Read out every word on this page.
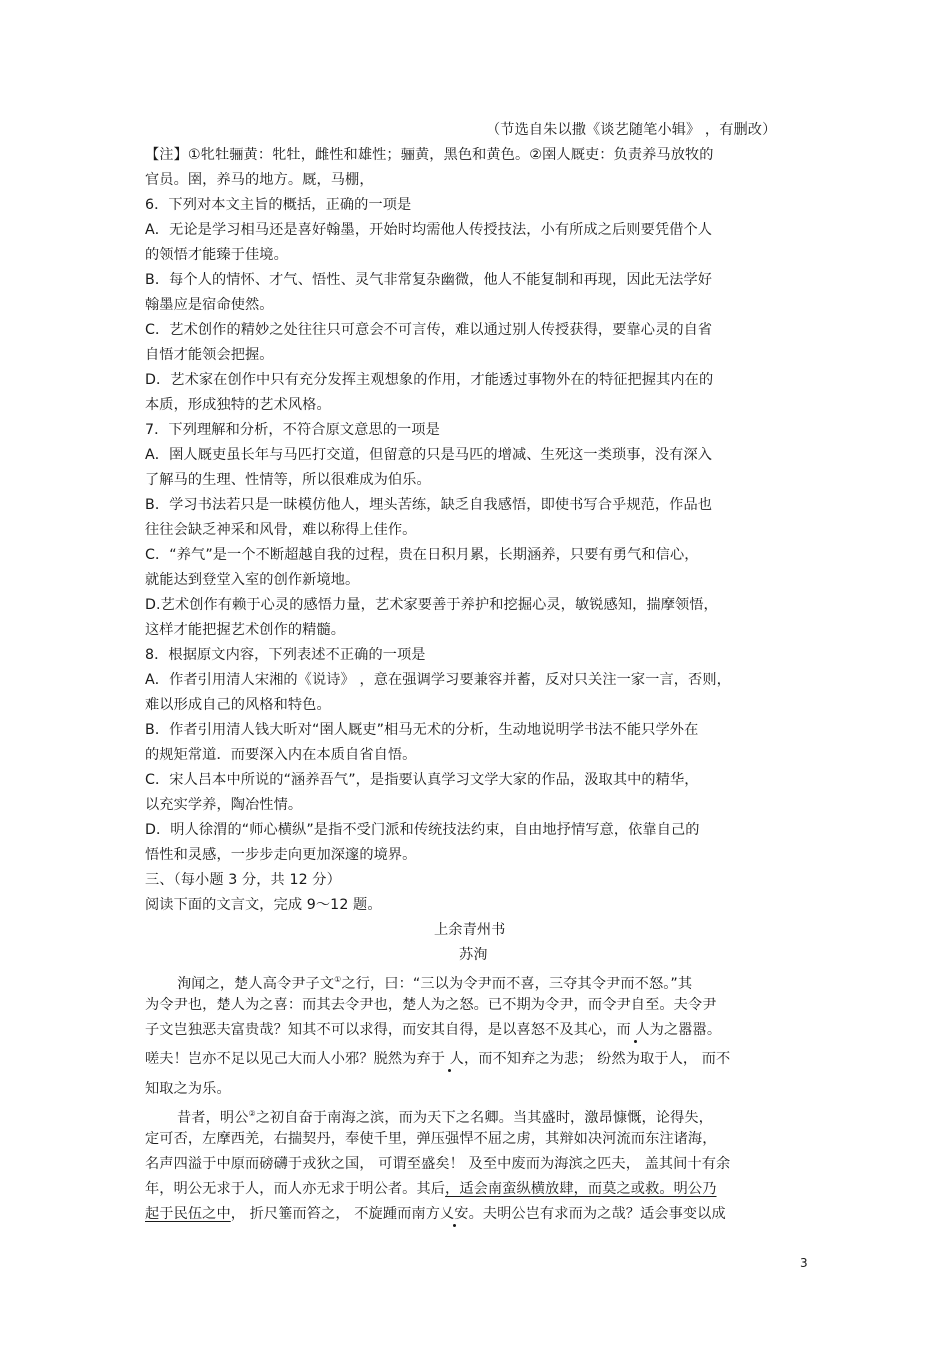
（节选自朱以撒《谈艺随笔小辑》 ，有删改）
【注】①牝牡骊黄：牝牡，雌性和雄性；骊黄，黑色和黄色。②圉人厩吏：负责养马放牧的
官员。圉，养马的地方。厩，马棚，
6．下列对本文主旨的概括，正确的一项是
A．无论是学习相马还是喜好翰墨，开始时均需他人传授技法，小有所成之后则要凭借个人
的领悟才能臻于佳境。
B．每个人的情怀、才气、悟性、灵气非常复杂幽微，他人不能复制和再现，因此无法学好
翰墨应是宿命使然。
C．艺术创作的精妙之处往往只可意会不可言传，难以通过别人传授获得，要靠心灵的自省
自悟才能领会把握。
D．艺术家在创作中只有充分发挥主观想象的作用，才能透过事物外在的特征把握其内在的
本质，形成独特的艺术风格。
7．下列理解和分析，不符合原文意思的一项是
A．圉人厩吏虽长年与马匹打交道，但留意的只是马匹的增减、生死这一类琐事，没有深入
了解马的生理、性情等，所以很难成为伯乐。
B．学习书法若只是一昧模仿他人，埋头苦练，缺乏自我感悟，即使书写合乎规范，作品也
往往会缺乏神采和风骨，难以称得上佳作。
C．“养气”是一个不断超越自我的过程，贵在日积月累，长期涵养，只要有勇气和信心，
就能达到登堂入室的创作新境地。
D.艺术创作有赖于心灵的感悟力量，艺术家要善于养护和挖掘心灵，敏锐感知，揣摩领悟，
这样才能把握艺术创作的精髓。
8．根据原文内容，下列表述不正确的一项是
A．作者引用清人宋湘的《说诗》 ，意在强调学习要兼容并蓄，反对只关注一家一言，否则，
难以形成自己的风格和特色。
B．作者引用清人钱大昕对“圉人厩吏”相马无术的分析，生动地说明学书法不能只学外在
的规矩常道．而要深入内在本质自省自悟。
C．宋人吕本中所说的“涵养吾气”，是指要认真学习文学大家的作品，汲取其中的精华，
以充实学养，陶冶性情。
D．明人徐渭的“师心横纵”是指不受门派和传统技法约束，自由地抒情写意，依靠自己的
悟性和灵感，一步步走向更加深邃的境界。
三、（每小题 3 分，共 12 分）
阅读下面的文言文，完成 9～12 题。
上余青州书
苏洵
洵闻之，楚人高令尹子文①之行，曰：“三以为令尹而不喜，三夺其令尹而不怒。”其
为令尹也，楚人为之喜：而其去令尹也，楚人为之怒。已不期为令尹，而令尹自至。夫令尹
子文岂独恶夫富贵哉？知其不可以求得，而安其自得，是以喜怒不及其心，而 人为之嚣嚣。
嗟夫！岂亦不足以见己大而人小邪？脱然为弃于 人，而不知弃之为悲； 纷然为取于人， 而不
知取之为乐。
昔者，明公②之初自奋于南海之滨，而为天下之名卿。当其盛时，激昂慷慨，论得失，
定可否，左摩西羌，右揣契丹，奉使千里，弹压强悍不屈之虏，其辩如决河流而东注诸海，
名声四溢于中原而磅礴于戎狄之国， 可谓至盛矣！ 及至中废而为海滨之匹夫， 盖其间十有余
年，明公无求于人，而人亦无求于明公者。其后，适会南蛮纵横放肆，而莫之或救。明公乃
起于民伍之中， 折尺箠而笞之， 不旋踵而南方乂安。夫明公岂有求而为之哉？适会事变以成
3
